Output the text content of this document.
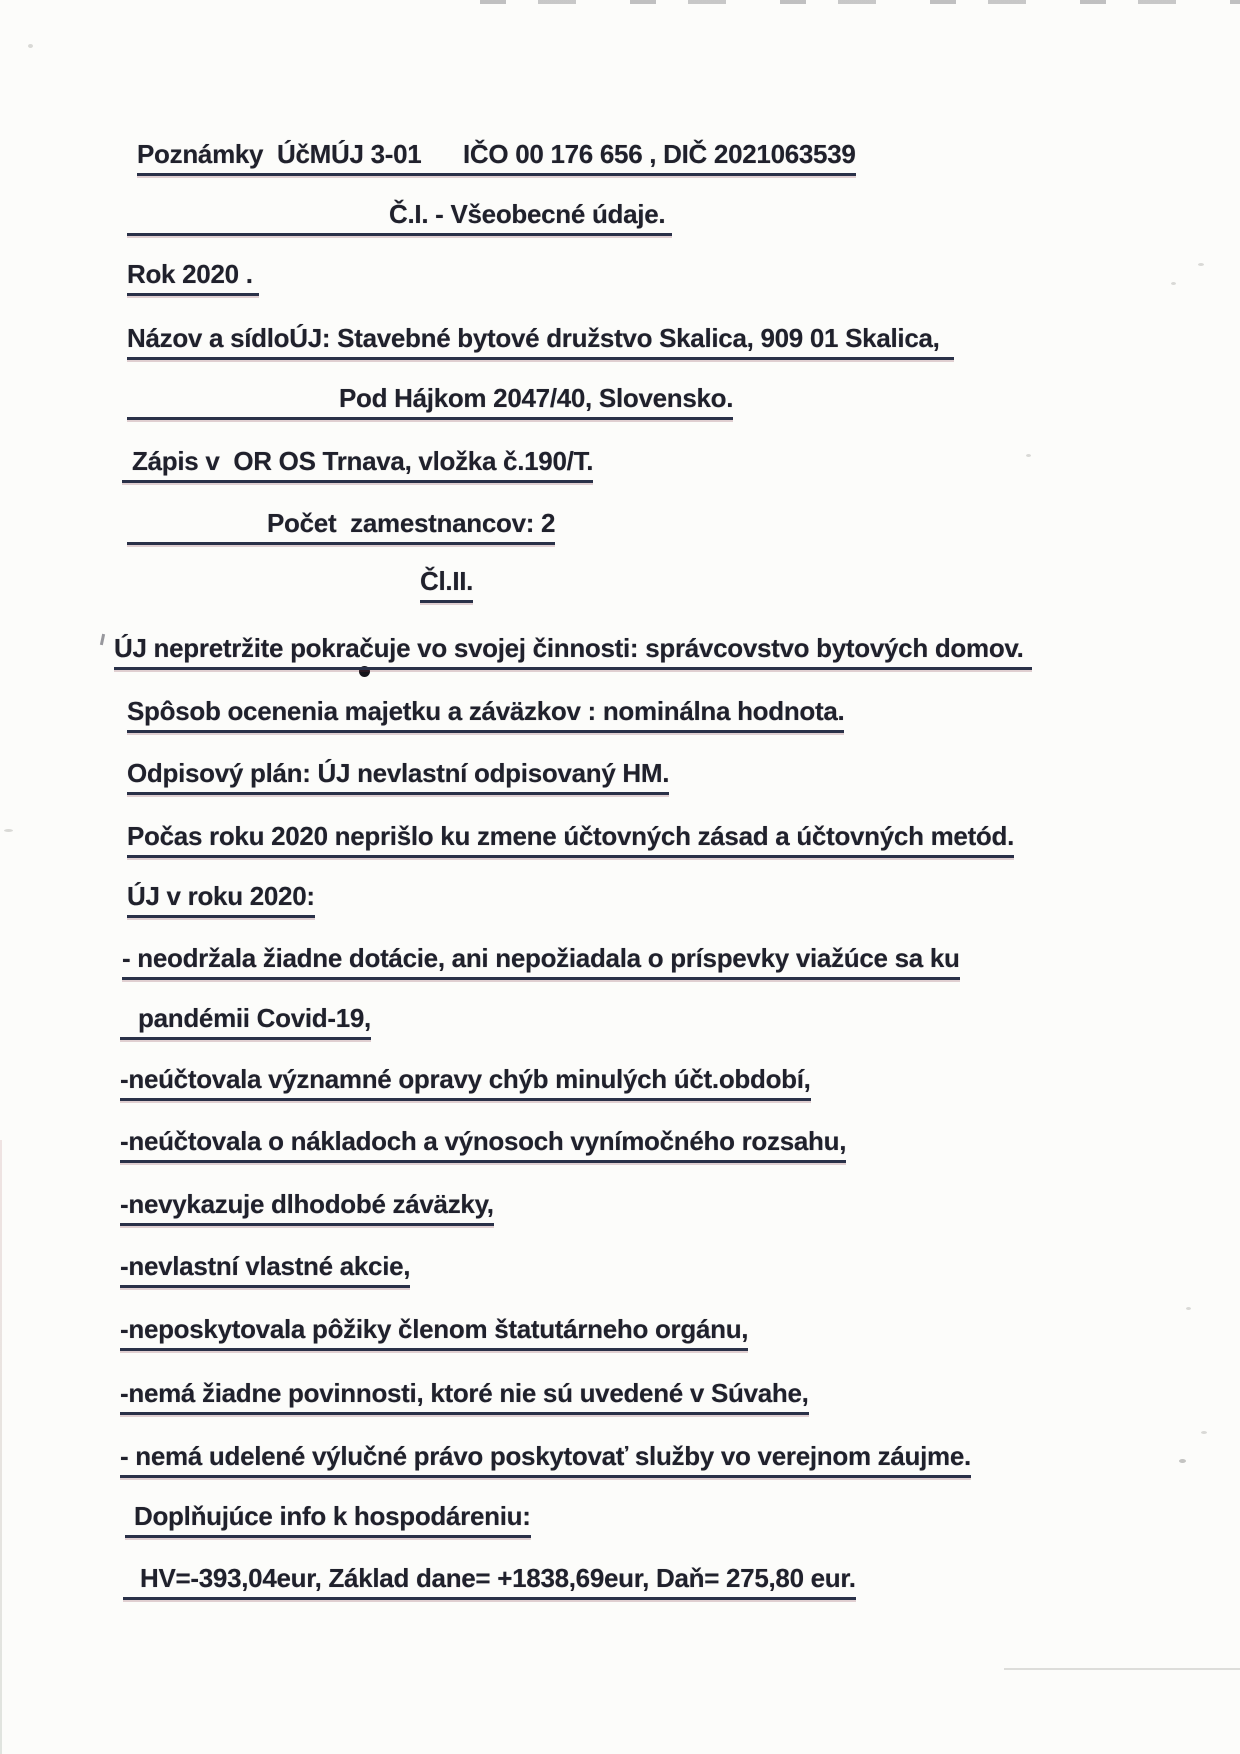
Poznámky  ÚčMÚJ 3-01      IČO 00 176 656 , DIČ 2021063539
Č.I. - Všeobecné údaje.
Rok 2020 .
Názov a sídloÚJ: Stavebné bytové družstvo Skalica, 909 01 Skalica,
Pod Hájkom 2047/40, Slovensko.
Zápis v  OR OS Trnava, vložka č.190/T.
Počet  zamestnancov: 2
Čl.II.
ÚJ nepretržite pokračuje vo svojej činnosti: správcovstvo bytových domov.
Spôsob ocenenia majetku a záväzkov : nominálna hodnota.
Odpisový plán: ÚJ nevlastní odpisovaný HM.
Počas roku 2020 neprišlo ku zmene účtovných zásad a účtovných metód.
ÚJ v roku 2020:
- neodržala žiadne dotácie, ani nepožiadala o príspevky viažúce sa ku
pandémii Covid-19,
-neúčtovala významné opravy chýb minulých účt.období,
-neúčtovala o nákladoch a výnosoch vynímočného rozsahu,
-nevykazuje dlhodobé záväzky,
-nevlastní vlastné akcie,
-neposkytovala pôžiky členom štatutárneho orgánu,
-nemá žiadne povinnosti, ktoré nie sú uvedené v Súvahe,
- nemá udelené výlučné právo poskytovať služby vo verejnom záujme.
Doplňujúce info k hospodáreniu:
HV=-393,04eur, Základ dane= +1838,69eur, Daň= 275,80 eur.
